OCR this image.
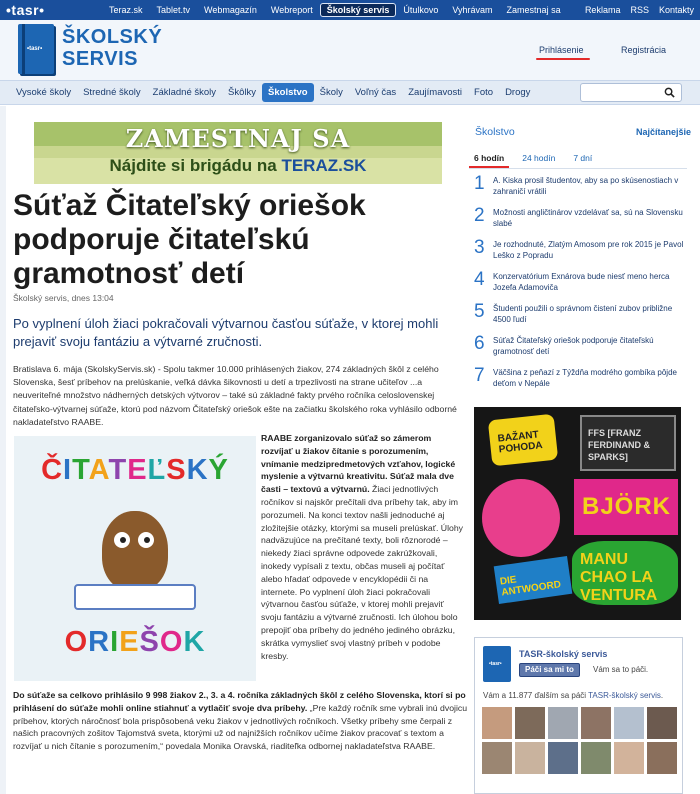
•tasr•	Teraz.sk	Tablet.tv	Webmagazín	Webreport	Školský servis	Útulkovo	Vyhrávam	Zamestnaj sa	Reklama RSS Kontakty
•tasr•
ŠKOLSKÝ
SERVIS	Prihlásenie	Registrácia
Vysoké školy	Stredné školy	Základné školy	Škôlky	Školstvo	Školy	Voľný čas	Zaujímavosti	Foto	Drogy
ZAMESTNAJ SA
Nájdite si brigádu na TERAZ.SK
Súťaž Čitateľský oriešok podporuje čitateľskú gramotnosť detí
Školský servis, dnes 13:04
Po vyplnení úloh žiaci pokračovali výtvarnou časťou súťaže, v ktorej mohli prejaviť svoju fantáziu a výtvarné zručnosti.

Bratislava 6. mája (SkolskyServis.sk) - Spolu takmer 10.000 prihlásených žiakov, 274 základných škôl z celého Slovenska, šesť príbehov na prelúskanie, veľká dávka šikovnosti u detí a trpezlivosti na strane učiteľov ...a neuveriteľné množstvo nádherných detských výtvorov – také sú základné fakty prvého ročníka celoslovenskej čitateľsko-výtvarnej súťaže, ktorú pod názvom Čitateľský oriešok ešte na začiatku školského roka vyhlásilo odborné nakladateľstvo RAABE.

ČITATEĽSKÝ
ORIEŠOK
RAABE zorganizovalo súťaž so zámerom rozvíjať u žiakov čítanie s porozumením, vnímanie medzipredmetových vzťahov, logické myslenie a výtvarnú kreativitu. Súťaž mala dve časti – textovú a výtvarnú. Žiaci jednotlivých ročníkov si najskôr prečítali dva príbehy tak, aby im porozumeli. Na konci textov našli jednoduché aj zložitejšie otázky, ktorými sa museli prelúskať. Úlohy nadväzujúce na prečítané texty, boli rôznorodé – niekedy žiaci správne odpovede zakrúžkovali, inokedy vypísali z textu, občas museli aj počítať alebo hľadať odpovede v encyklopédii či na internete. Po vyplnení úloh žiaci pokračovali výtvarnou časťou súťaže, v ktorej mohli prejaviť svoju fantáziu a výtvarné zručnosti. Ich úlohou bolo prepojiť oba príbehy do jedného jediného obrázku, skrátka vymyslieť svoj vlastný príbeh v podobe kresby.
Do súťaže sa celkovo prihlásilo 9 998 žiakov 2., 3. a 4. ročníka základných škôl z celého Slovenska, ktorí si po prihlásení do súťaže mohli online stiahnuť a vytlačiť svoje dva príbehy. „Pre každý ročník sme vybrali inú dvojicu príbehov, ktorých náročnosť bola prispôsobená veku žiakov v jednotlivých ročníkoch. Všetky príbehy sme čerpali z našich pracovných zošitov Tajomstvá sveta, ktorými už od najnižších ročníkov učíme žiakov pracovať s textom a rozvíjať u nich čítanie s porozumením,“ povedala Monika Oravská, riaditeľka odbornej nakladateľstva RAABE.
Školstvo	Najčítanejšie
6 hodín 24 hodín 7 dní
1 A. Kiska prosil študentov, aby sa po skúsenostiach v zahraničí vrátili
2 Možnosti angličtinárov vzdelávať sa, sú na Slovensku slabé
3 Je rozhodnuté, Zlatým Amosom pre rok 2015 je Pavol Leško z Popradu
4 Konzervatórium Exnárova bude niesť meno herca Jozefa Adamoviča
5 Študenti použili o správnom čistení zubov približne 4500 ľudí
6 Súťaž Čitateľský oriešok podporuje čitateľskú gramotnosť detí
7 Väčšina z peňazí z Týždňa modrého gombíka pôjde deťom v Nepále
BAŽANT POHODA
FFS [FRANZ FERDINAND & SPARKS]
BJÖRK
DIE ANTWOORD
MANU CHAO LA VENTURA
•tasr•
TASR-školský servis
Páči sa mi to	Vám sa to páči.
Vám a 11.877 ďalším sa páči TASR-školský servis.
